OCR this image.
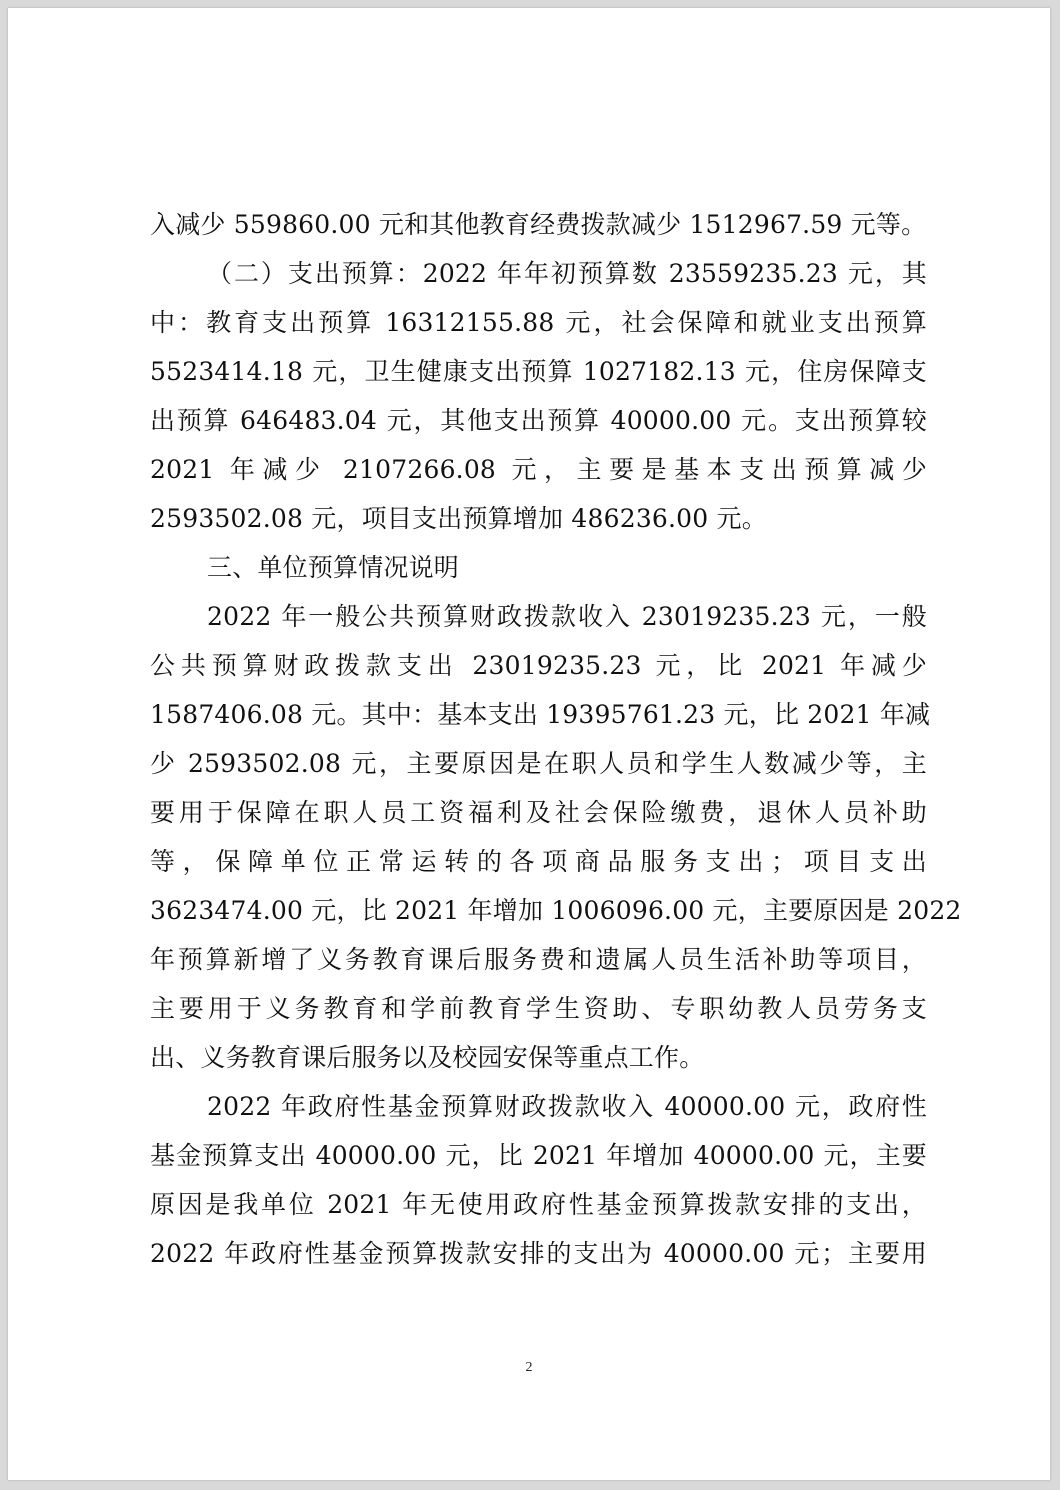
入减少 559860.00 元和其他教育经费拨款减少 1512967.59 元等。
（二）支出预算：2022 年年初预算数 23559235.23 元，其
中：教育支出预算 16312155.88 元，社会保障和就业支出预算
5523414.18 元，卫生健康支出预算 1027182.13 元，住房保障支
出预算 646483.04 元，其他支出预算 40000.00 元。支出预算较
2021 年减少 2107266.08 元，主要是基本支出预算减少
2593502.08 元，项目支出预算增加 486236.00 元。
三、单位预算情况说明
2022 年一般公共预算财政拨款收入 23019235.23 元，一般
公共预算财政拨款支出 23019235.23 元，比 2021 年减少
1587406.08 元。其中：基本支出 19395761.23 元，比 2021 年减
少 2593502.08 元，主要原因是在职人员和学生人数减少等，主
要用于保障在职人员工资福利及社会保险缴费，退休人员补助
等，保障单位正常运转的各项商品服务支出；项目支出
3623474.00 元，比 2021 年增加 1006096.00 元，主要原因是 2022
年预算新增了义务教育课后服务费和遗属人员生活补助等项目，
主要用于义务教育和学前教育学生资助、专职幼教人员劳务支
出、义务教育课后服务以及校园安保等重点工作。
2022 年政府性基金预算财政拨款收入 40000.00 元，政府性
基金预算支出 40000.00 元，比 2021 年增加 40000.00 元，主要
原因是我单位 2021 年无使用政府性基金预算拨款安排的支出，
2022 年政府性基金预算拨款安排的支出为 40000.00 元；主要用
2
